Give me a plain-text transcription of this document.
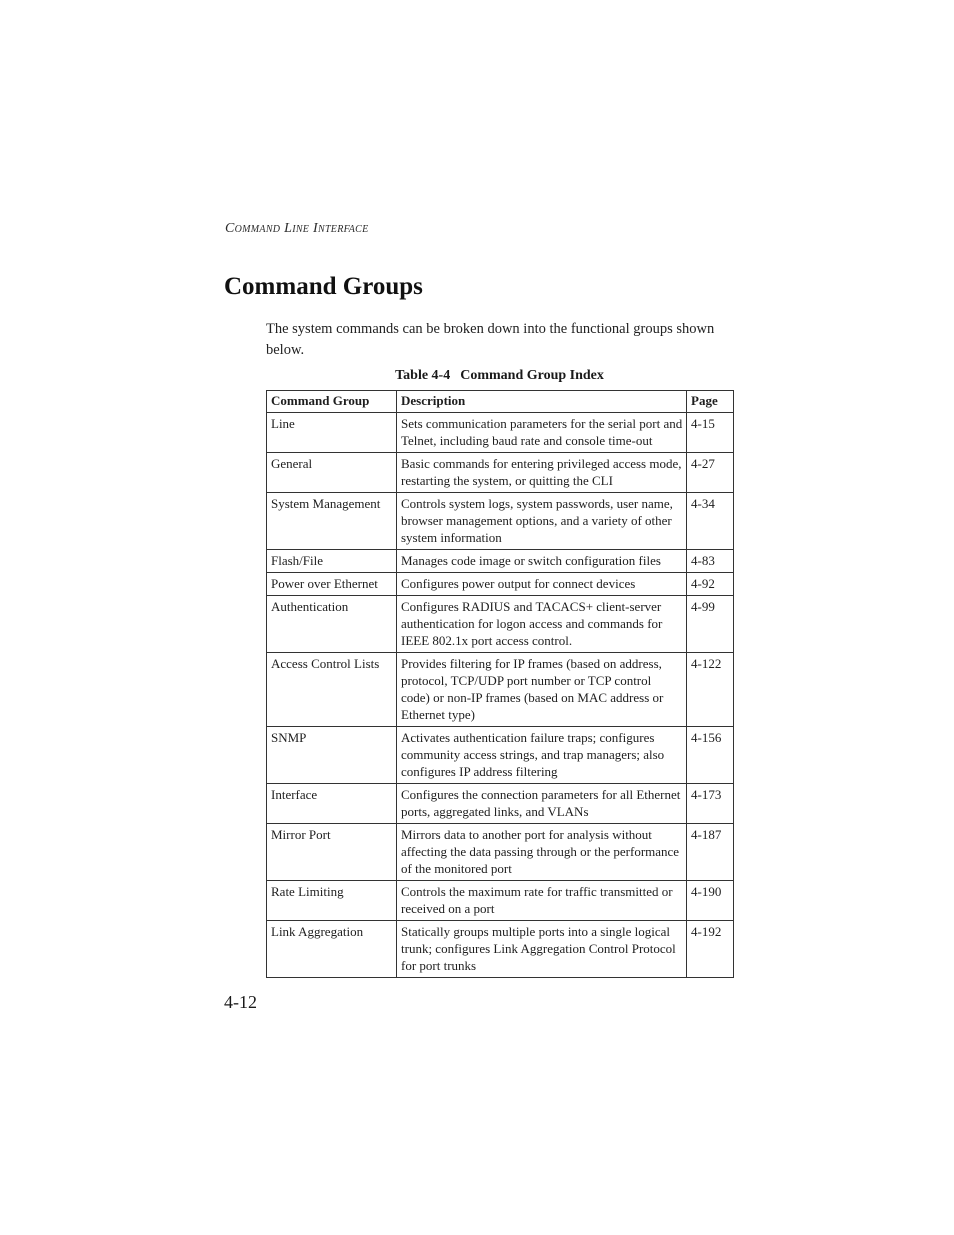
Command Line Interface
Command Groups

The system commands can be broken down into the functional groups shown below.

Table 4-4 Command Group Index
Command Group	Description	Page
Line	Sets communication parameters for the serial port and Telnet, including baud rate and console time-out	4-15
General	Basic commands for entering privileged access mode, restarting the system, or quitting the CLI	4-27
System Management	Controls system logs, system passwords, user name, browser management options, and a variety of other system information	4-34
Flash/File	Manages code image or switch configuration files	4-83
Power over Ethernet	Configures power output for connect devices	4-92
Authentication	Configures RADIUS and TACACS+ client-server authentication for logon access and commands for IEEE 802.1x port access control.	4-99
Access Control Lists	Provides filtering for IP frames (based on address, protocol, TCP/UDP port number or TCP control code) or non-IP frames (based on MAC address or Ethernet type)	4-122
SNMP	Activates authentication failure traps; configures community access strings, and trap managers; also configures IP address filtering	4-156
Interface	Configures the connection parameters for all Ethernet ports, aggregated links, and VLANs	4-173
Mirror Port	Mirrors data to another port for analysis without affecting the data passing through or the performance of the monitored port	4-187
Rate Limiting	Controls the maximum rate for traffic transmitted or received on a port	4-190
Link Aggregation	Statically groups multiple ports into a single logical trunk; configures Link Aggregation Control Protocol for port trunks	4-192
4-12
